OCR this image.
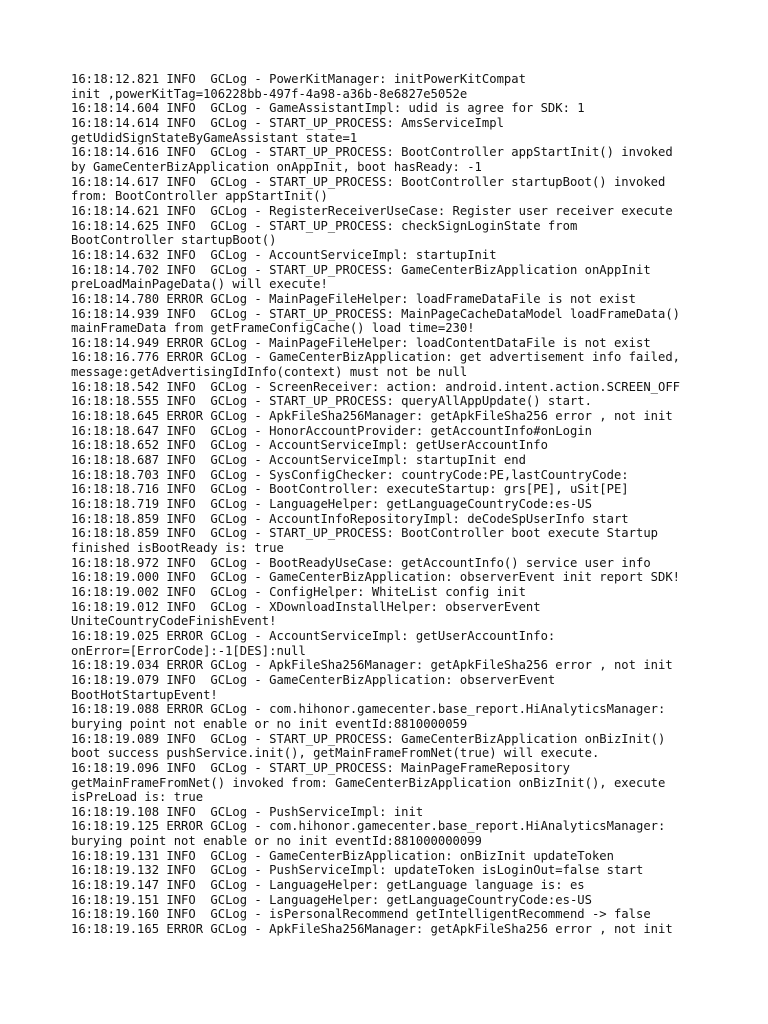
16:18:12.821 INFO  GCLog - PowerKitManager: initPowerKitCompat
init ,powerKitTag=106228bb-497f-4a98-a36b-8e6827e5052e
16:18:14.604 INFO  GCLog - GameAssistantImpl: udid is agree for SDK: 1
16:18:14.614 INFO  GCLog - START_UP_PROCESS: AmsServiceImpl
getUdidSignStateByGameAssistant state=1
16:18:14.616 INFO  GCLog - START_UP_PROCESS: BootController appStartInit() invoked
by GameCenterBizApplication onAppInit, boot hasReady: -1
16:18:14.617 INFO  GCLog - START_UP_PROCESS: BootController startupBoot() invoked
from: BootController appStartInit()
16:18:14.621 INFO  GCLog - RegisterReceiverUseCase: Register user receiver execute
16:18:14.625 INFO  GCLog - START_UP_PROCESS: checkSignLoginState from
BootController startupBoot()
16:18:14.632 INFO  GCLog - AccountServiceImpl: startupInit
16:18:14.702 INFO  GCLog - START_UP_PROCESS: GameCenterBizApplication onAppInit
preLoadMainPageData() will execute!
16:18:14.780 ERROR GCLog - MainPageFileHelper: loadFrameDataFile is not exist
16:18:14.939 INFO  GCLog - START_UP_PROCESS: MainPageCacheDataModel loadFrameData()
mainFrameData from getFrameConfigCache() load time=230!
16:18:14.949 ERROR GCLog - MainPageFileHelper: loadContentDataFile is not exist
16:18:16.776 ERROR GCLog - GameCenterBizApplication: get advertisement info failed,
message:getAdvertisingIdInfo(context) must not be null
16:18:18.542 INFO  GCLog - ScreenReceiver: action: android.intent.action.SCREEN_OFF
16:18:18.555 INFO  GCLog - START_UP_PROCESS: queryAllAppUpdate() start.
16:18:18.645 ERROR GCLog - ApkFileSha256Manager: getApkFileSha256 error , not init
16:18:18.647 INFO  GCLog - HonorAccountProvider: getAccountInfo#onLogin
16:18:18.652 INFO  GCLog - AccountServiceImpl: getUserAccountInfo
16:18:18.687 INFO  GCLog - AccountServiceImpl: startupInit end
16:18:18.703 INFO  GCLog - SysConfigChecker: countryCode:PE,lastCountryCode:
16:18:18.716 INFO  GCLog - BootController: executeStartup: grs[PE], uSit[PE]
16:18:18.719 INFO  GCLog - LanguageHelper: getLanguageCountryCode:es-US
16:18:18.859 INFO  GCLog - AccountInfoRepositoryImpl: deCodeSpUserInfo start
16:18:18.859 INFO  GCLog - START_UP_PROCESS: BootController boot execute Startup
finished isBootReady is: true
16:18:18.972 INFO  GCLog - BootReadyUseCase: getAccountInfo() service user info
16:18:19.000 INFO  GCLog - GameCenterBizApplication: observerEvent init report SDK!
16:18:19.002 INFO  GCLog - ConfigHelper: WhiteList config init
16:18:19.012 INFO  GCLog - XDownloadInstallHelper: observerEvent
UniteCountryCodeFinishEvent!
16:18:19.025 ERROR GCLog - AccountServiceImpl: getUserAccountInfo:
onError=[ErrorCode]:-1[DES]:null
16:18:19.034 ERROR GCLog - ApkFileSha256Manager: getApkFileSha256 error , not init
16:18:19.079 INFO  GCLog - GameCenterBizApplication: observerEvent
BootHotStartupEvent!
16:18:19.088 ERROR GCLog - com.hihonor.gamecenter.base_report.HiAnalyticsManager:
burying point not enable or no init eventId:8810000059
16:18:19.089 INFO  GCLog - START_UP_PROCESS: GameCenterBizApplication onBizInit()
boot success pushService.init(), getMainFrameFromNet(true) will execute.
16:18:19.096 INFO  GCLog - START_UP_PROCESS: MainPageFrameRepository
getMainFrameFromNet() invoked from: GameCenterBizApplication onBizInit(), execute
isPreLoad is: true
16:18:19.108 INFO  GCLog - PushServiceImpl: init
16:18:19.125 ERROR GCLog - com.hihonor.gamecenter.base_report.HiAnalyticsManager:
burying point not enable or no init eventId:881000000099
16:18:19.131 INFO  GCLog - GameCenterBizApplication: onBizInit updateToken
16:18:19.132 INFO  GCLog - PushServiceImpl: updateToken isLoginOut=false start
16:18:19.147 INFO  GCLog - LanguageHelper: getLanguage language is: es
16:18:19.151 INFO  GCLog - LanguageHelper: getLanguageCountryCode:es-US
16:18:19.160 INFO  GCLog - isPersonalRecommend getIntelligentRecommend -> false
16:18:19.165 ERROR GCLog - ApkFileSha256Manager: getApkFileSha256 error , not init
